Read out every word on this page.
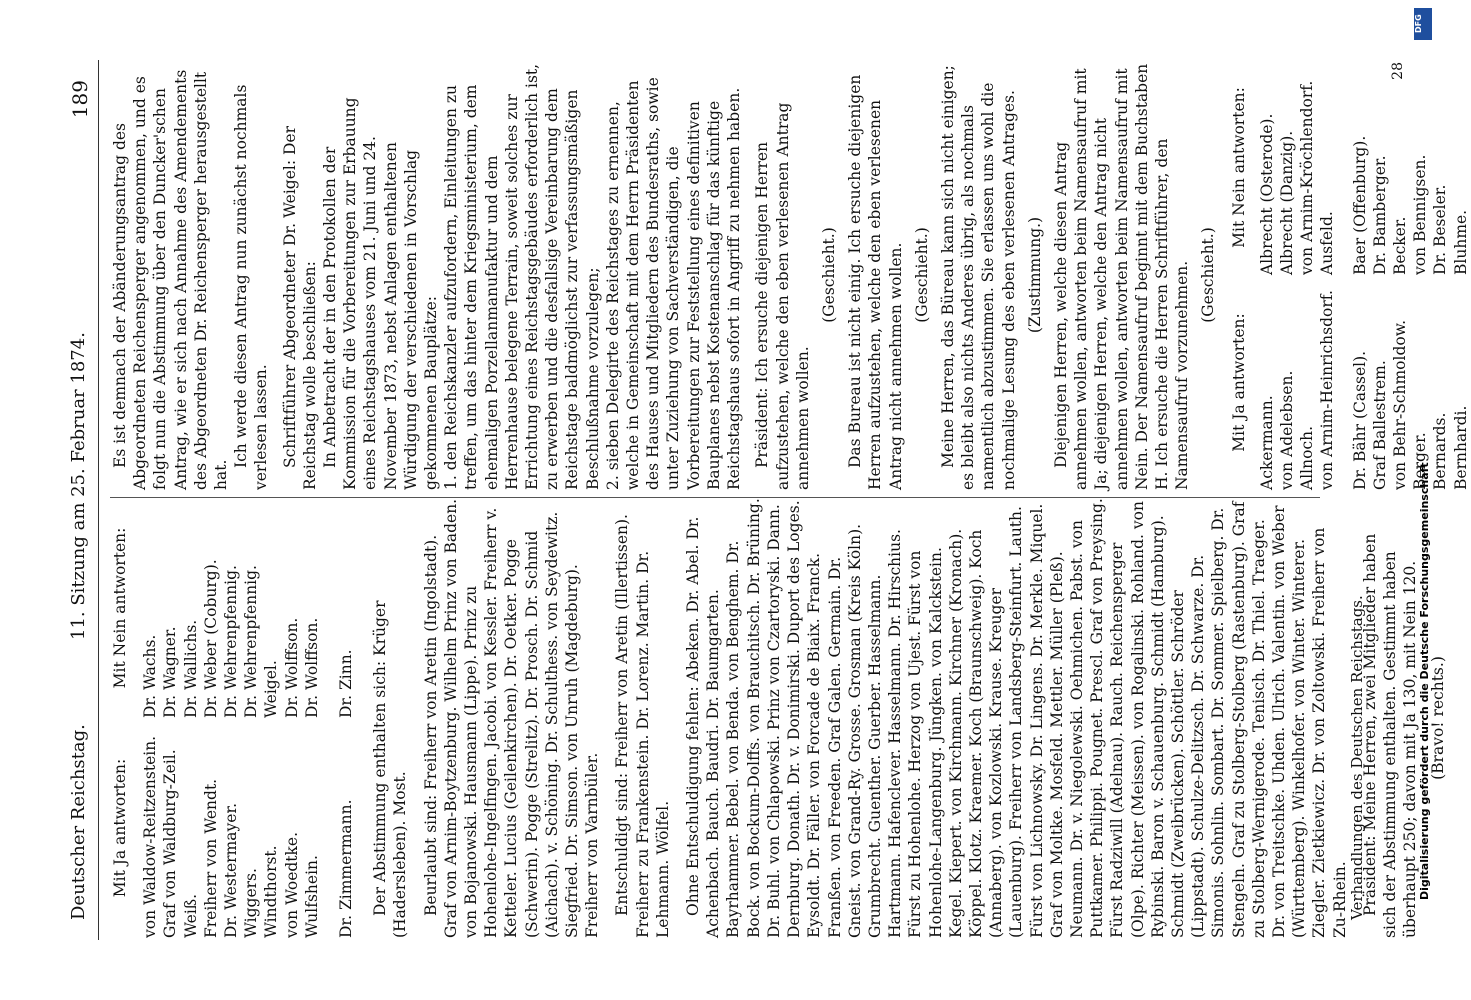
Deutscher Reichstag.
11. Sitzung am 25. Februar 1874.
189

Mit Ja antworten:

Mit Nein antworten:

von Waldow-Reitzenstein. Graf von Waldburg-Zeil. Weiß. Freiherr von Wendt. Dr. Westermayer. Wiggers. Windthorst. von Woedtke. Wulfshein.

Dr. Wachs. Dr. Wagner. Dr. Wallichs. Dr. Weber (Coburg). Dr. Wehrenpfennig. Dr. Wehrenpfennig. Weigel. Dr. Wolffson. Dr. Wolffson.

Dr. Zimmermann.

Dr. Zinn. Der Abstimmung enthalten sich: Krüger (Hadersleben). Most. Beurlaubt sind: Freiherr von Aretin (Ingolstadt). Graf von Arnim-Boytzenburg. Wilhelm Prinz von Baden. von Bojanowski. Hausmann (Lippe). Prinz zu Hohenlohe-Ingelfingen. Jacobi. von Kessler. Freiherr v. Ketteler. Lucius (Geilenkirchen). Dr. Oetker. Pogge (Schwerin). Pogge (Strelitz). Dr. Prosch. Dr. Schmid (Aichach). v. Schöning. Dr. Schulthess. von Seydewitz. Siegfried. Dr. Simson. von Unruh (Magdeburg). Freiherr von Varnbüler. Entschuldigt sind: Freiherr von Aretin (Illertissen). Freiherr zu Frankenstein. Dr. Lorenz. Martin. Dr. Lehmann. Wölfel. Ohne Entschuldigung fehlen: Abeken. Dr. Abel. Dr. Achenbach. Bauch. Baudri. Dr. Baumgarten. Bayrhammer. Bebel. von Benda. von Benghem. Dr. Bock. von Bockum-Dolffs. von Brauchitsch. Dr. Brüning. Dr. Buhl. von Chlapowski. Prinz von Czartoryski. Dann. Dernburg. Donath. Dr. v. Donimirski. Duport des Loges. Eysoldt. Dr. Fäller. von Forcade de Biaix. Franck. Franßen. von Freeden. Graf Galen. Germain. Dr. Gneist. von Grand-Ry. Grosse. Grosman (Kreis Köln). Grumbrecht. Guenther. Guerber. Hasselmann. Hartmann. Hafenclever. Hasselmann. Dr. Hirschius. Fürst zu Hohenlohe. Herzog von Ujest. Fürst von Hohenlohe-Langenburg. Jüngken. von Kalckstein. Kegel. Kiepert. von Kirchmann. Kirchner (Kronach). Köppel. Klotz. Kraemer. Koch (Braunschweig). Koch (Annaberg). von Kozlowski. Krause. Kreuger (Lauenburg). Freiherr von Landsberg-Steinfurt. Lauth. Fürst von Lichnowsky. Dr. Lingens. Dr. Merkle. Miquel. Graf von Moltke. Mosfeld. Mettler. Müller (Pleß). Neumann. Dr. v. Niegolewski. Oehmichen. Pabst. von Puttkamer. Philippi. Pougnet. Prescl. Graf von Preysing. Fürst Radziwill (Adelnau). Rauch. Reichensperger (Olpe). Richter (Meissen). von Rogalinski. Rohland. von Rybinski. Baron v. Schauenburg. Schmidt (Hamburg). Schmidt (Zweibrücken). Schöttler. Schröder (Lippstadt). Schulze-Delitzsch. Dr. Schwarze. Dr. Simonis. Sohnlin. Sombart. Dr. Sommer. Spielberg. Dr. Stengeln. Graf zu Stolberg-Stolberg (Rastenburg). Graf zu Stolberg-Wernigerode. Tenisch. Dr. Thiel. Traeger. Dr. von Treitschke. Uhden. Ulrich. Valentin. von Weber (Württemberg). Winkelhofer. von Winter. Winterer. Ziegler. Zietkiewicz. Dr. von Zoltowski. Freiherr von Zu-Rhein. Präsident: Meine Herren, zwei Mitglieder haben sich der Abstimmung enthalten. Gestimmt haben überhaupt 250; davon mit Ja 130, mit Nein 120. (Bravo! rechts.)

Es ist demnach der Abänderungsantrag des Abgeordneten Reichensperger angenommen, und es folgt nun die Abstimmung über den Duncker'schen Antrag, wie er sich nach Annahme des Amendements des Abgeordneten Dr. Reichensperger herausgestellt hat.

Ich werde diesen Antrag nun zunächst nochmals verlesen lassen. Schriftführer Abgeordneter Dr. Weigel: Der Reichstag wolle beschließen: In Anbetracht der in den Protokollen der Kommission für die Vorbereitungen zur Erbauung eines Reichstagshauses vom 21. Juni und 24. November 1873, nebst Anlagen enthaltenen Würdigung der verschiedenen in Vorschlag gekommenen Bauplätze: 1. den Reichskanzler aufzufordern, Einleitungen zu treffen, um das hinter dem Kriegsministerium, dem ehemaligen Porzellanmanufaktur und dem Herrenhause belegene Terrain, soweit solches zur Errichtung eines Reichstagsgebäudes erforderlich ist, zu erwerben und die desfallsige Vereinbarung dem Reichstage baldmöglichst zur verfassungsmäßigen Beschlußnahme vorzulegen; 2. sieben Delegirte des Reichstages zu ernennen, welche in Gemeinschaft mit dem Herrn Präsidenten des Hauses und Mitgliedern des Bundesraths, sowie unter Zuziehung von Sachverständigen, die Vorbereitungen zur Feststellung eines definitiven Bauplanes nebst Kostenanschlag für das künftige Reichstagshaus sofort in Angriff zu nehmen haben. Präsident: Ich ersuche diejenigen Herren aufzustehen, welche den eben verlesenen Antrag annehmen wollen.

(Geschieht.) Das Bureau ist nicht einig. Ich ersuche diejenigen Herren aufzustehen, welche den eben verlesenen Antrag nicht annehmen wollen. (Geschieht.) Meine Herren, das Büreau kann sich nicht einigen; es bleibt also nichts Anderes übrig, als nochmals namentlich abzustimmen. Sie erlassen uns wohl die nochmalige Lesung des eben verlesenen Antrages. (Zustimmung.) Diejenigen Herren, welche diesen Antrag annehmen wollen, antworten beim Namensaufruf mit Ja; diejenigen Herren, welche den Antrag nicht annehmen wollen, antworten beim Namensaufruf mit Nein. Der Namensaufruf beginnt mit dem Buchstaben H. Ich ersuche die Herren Schriftführer, den Namensaufruf vorzunehmen. (Geschieht.)

Mit Ja antworten:

Mit Nein antworten:

Ackermann. von Adelebsen. Allnoch. von Arnim-Heinrichsdorf. Dr. Bähr (Cassel). Graf Ballestrem. von Behr-Schmoldow. Berger. Bernards. Bernhardi.

Albrecht (Osterode). Albrecht (Danzig). von Arnim-Kröchlendorf. Ausfeld. Baer (Offenburg). Dr. Bamberger. Becker. von Bennigsen. Dr. Beseler. Bluhme.

Verhandlungen des Deutschen Reichstags.
28
DFG
Digitalisierung gefördert durch die Deutsche Forschungsgemeinschaft
